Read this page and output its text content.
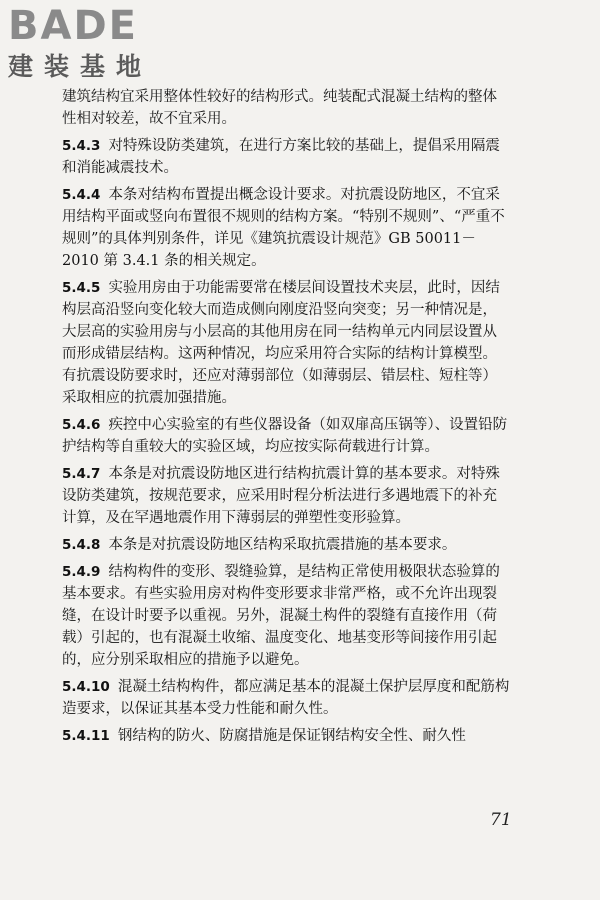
BADE
建装基地

建筑结构宜采用整体性较好的结构形式。纯装配式混凝土结构的整体性相对较差，故不宜采用。

5.4.3 对特殊设防类建筑，在进行方案比较的基础上，提倡采用隔震和消能减震技术。

5.4.4 本条对结构布置提出概念设计要求。对抗震设防地区，不宜采用结构平面或竖向布置很不规则的结构方案。“特别不规则”、“严重不规则”的具体判别条件，详见《建筑抗震设计规范》GB 50011－2010 第 3.4.1 条的相关规定。

5.4.5 实验用房由于功能需要常在楼层间设置技术夹层，此时，因结构层高沿竖向变化较大而造成侧向刚度沿竖向突变；另一种情况是，大层高的实验用房与小层高的其他用房在同一结构单元内同层设置从而形成错层结构。这两种情况，均应采用符合实际的结构计算模型。有抗震设防要求时，还应对薄弱部位（如薄弱层、错层柱、短柱等）采取相应的抗震加强措施。

5.4.6 疾控中心实验室的有些仪器设备（如双扉高压锅等）、设置铅防护结构等自重较大的实验区域，均应按实际荷载进行计算。

5.4.7 本条是对抗震设防地区进行结构抗震计算的基本要求。对特殊设防类建筑，按规范要求，应采用时程分析法进行多遇地震下的补充计算，及在罕遇地震作用下薄弱层的弹塑性变形验算。

5.4.8 本条是对抗震设防地区结构采取抗震措施的基本要求。

5.4.9 结构构件的变形、裂缝验算，是结构正常使用极限状态验算的基本要求。有些实验用房对构件变形要求非常严格，或不允许出现裂缝，在设计时要予以重视。另外，混凝土构件的裂缝有直接作用（荷载）引起的，也有混凝土收缩、温度变化、地基变形等间接作用引起的，应分别采取相应的措施予以避免。

5.4.10 混凝土结构构件，都应满足基本的混凝土保护层厚度和配筋构造要求，以保证其基本受力性能和耐久性。

5.4.11 钢结构的防火、防腐措施是保证钢结构安全性、耐久性

71
